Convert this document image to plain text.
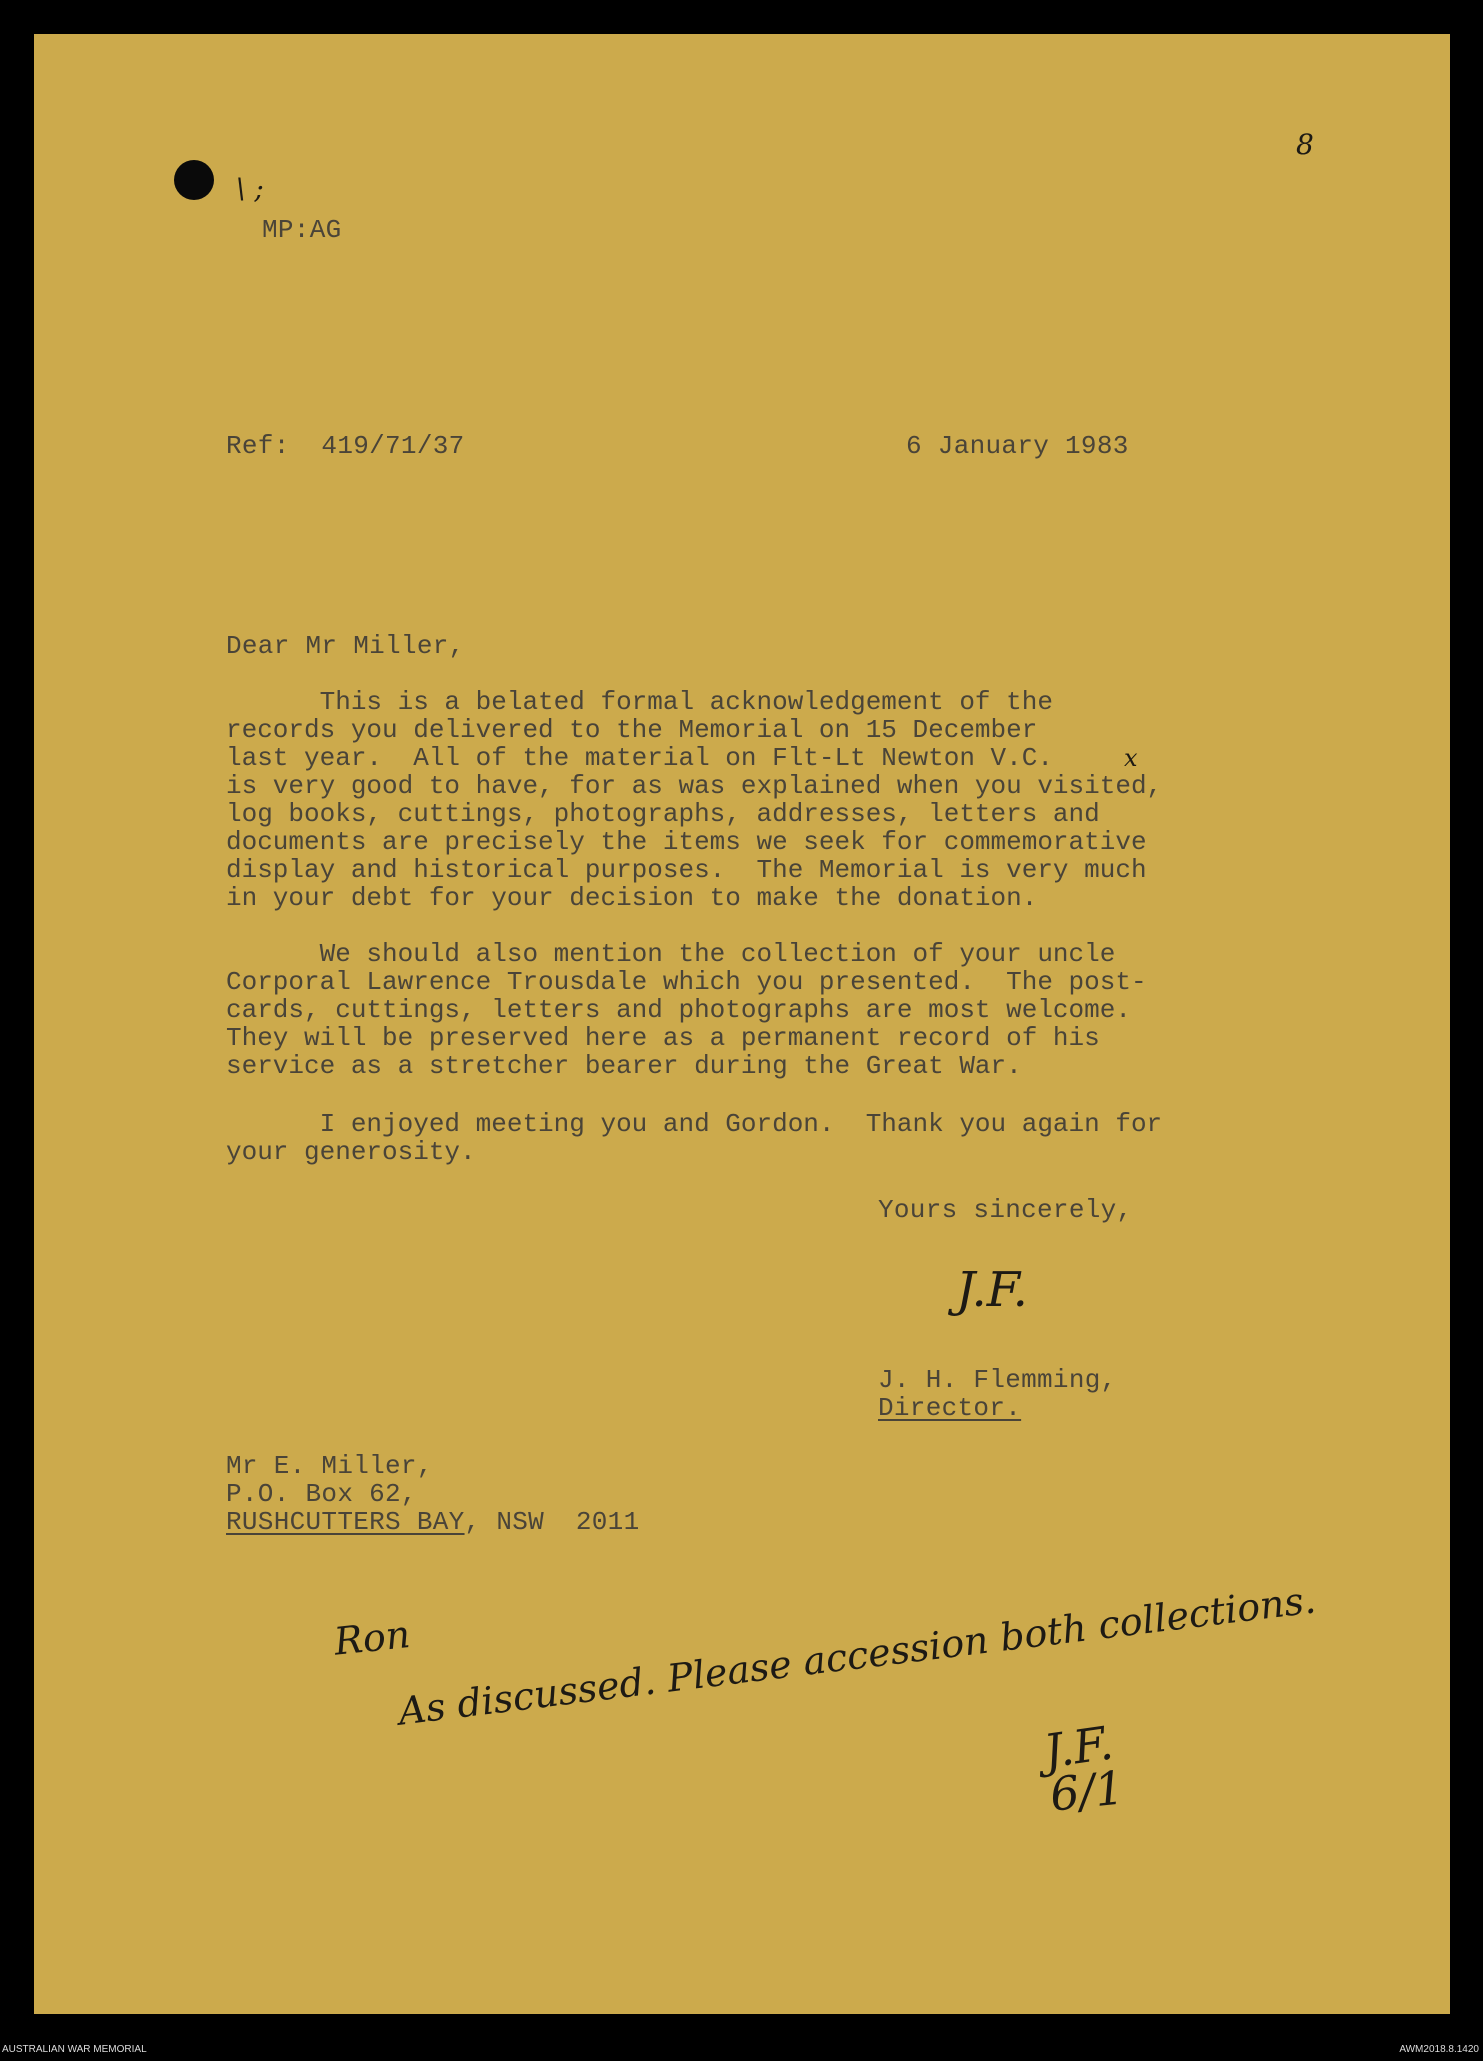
8
\ ;
MP:AG
Ref:  419/71/37	6 January 1983
Dear Mr Miller,
This is a belated formal acknowledgement of the
records you delivered to the Memorial on 15 December
last year.  All of the material on Flt-Lt Newton V.C.
is very good to have, for as was explained when you visited,
log books, cuttings, photographs, addresses, letters and
documents are precisely the items we seek for commemorative
display and historical purposes.  The Memorial is very much
in your debt for your decision to make the donation.
x
We should also mention the collection of your uncle
Corporal Lawrence Trousdale which you presented.  The post-
cards, cuttings, letters and photographs are most welcome.
They will be preserved here as a permanent record of his
service as a stretcher bearer during the Great War.
I enjoyed meeting you and Gordon.  Thank you again for
your generosity.
Yours sincerely,
J.F.
J. H. Flemming,
Director.
Mr E. Miller,
P.O. Box 62,
RUSHCUTTERS BAY, NSW  2011
Ron
As discussed. Please accession both collections.
J.F.
6/1
AUSTRALIAN WAR MEMORIAL	AWM2018.8.1420
